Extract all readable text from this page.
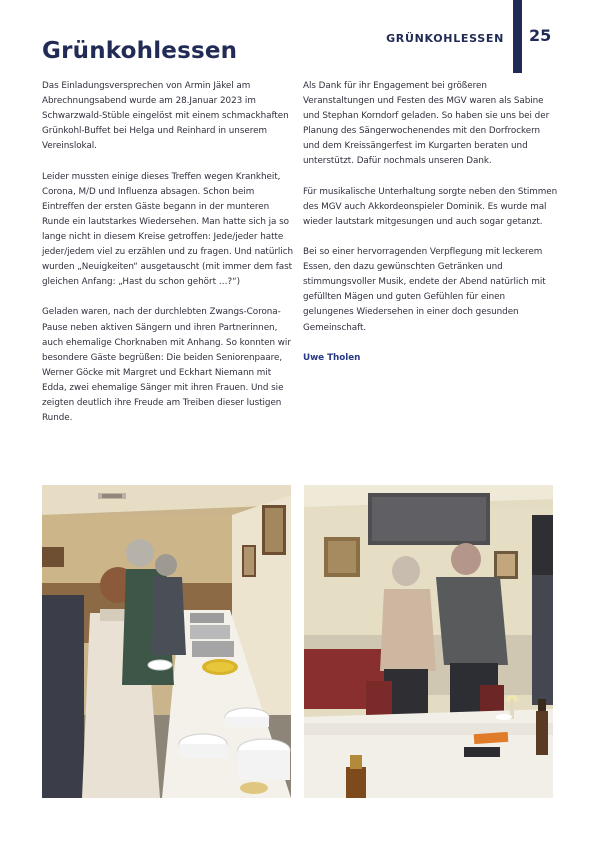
GRÜNKOHLESSEN 25
Grünkohlessen

Das Einladungsversprechen von Armin Jäkel am Abrechnungsabend wurde am 28.Januar 2023 im Schwarzwald-Stüble eingelöst mit einem schmackhaften Grünkohl-Buffet bei Helga und Reinhard in unserem Vereinslokal.

Leider mussten einige dieses Treffen wegen Krankheit, Corona, M/D und Influenza absagen. Schon beim Eintreffen der ersten Gäste begann in der munteren Runde ein lautstarkes Wiedersehen. Man hatte sich ja so lange nicht in diesem Kreise getroffen: Jede/jeder hatte jeder/jedem viel zu erzählen und zu fragen. Und natürlich wurden „Neuigkeiten“ ausgetauscht (mit immer dem fast gleichen Anfang: „Hast du schon gehört …?“)

Geladen waren, nach der durchlebten Zwangs-Corona-Pause neben aktiven Sängern und ihren Partnerinnen, auch ehemalige Chorknaben mit Anhang. So konnten wir besondere Gäste begrüßen: Die beiden Seniorenpaare, Werner Göcke mit Margret und Eckhart Niemann mit Edda, zwei ehemalige Sänger mit ihren Frauen. Und sie zeigten deutlich ihre Freude am Treiben dieser lustigen Runde.

Als Dank für ihr Engagement bei größeren Veranstaltungen und Festen des MGV waren als Sabine und Stephan Korndorf geladen. So haben sie uns bei der Planung des Sängerwochenendes mit den Dorfrockern und dem Kreissängerfest im Kurgarten beraten und unterstützt. Dafür nochmals unseren Dank.

Für musikalische Unterhaltung sorgte neben den Stimmen des MGV auch Akkordeonspieler Dominik. Es wurde mal wieder lautstark mitgesungen und auch sogar getanzt.

Bei so einer hervorragenden Verpflegung mit leckerem Essen, den dazu gewünschten Getränken und stimmungsvoller Musik, endete der Abend natürlich mit gefüllten Mägen und guten Gefühlen für einen gelungenes Wiedersehen in einer doch gesunden Gemeinschaft.

Uwe Tholen
